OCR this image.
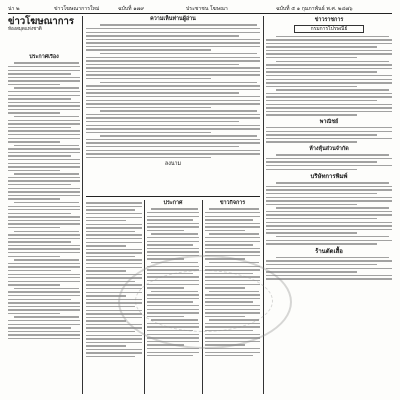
น่า ๒	ข่าวโฆษณาการใหม่	ฉบับที่ ๑๗๙	ประชาชน โฆษณา	ฉบับที่ ๕ ๑ กุมภาพันธ์ พ.ศ. ๒๔๗๖
ข่าวโฆษณาการ
ห้องสมุดแห่งชาติ
ประกาศเรื่อง
ความเห็นท่านผู้อ่าน
ลงนาม
ประกาศ	ข่าวกิจการ
ข่าวราชการ
กรมการไปรษณีย์
พาณิชย์
ห้างหุ้นส่วนจำกัด
บริษัทการพิมพ์
ร้านตัดเสื้อ
